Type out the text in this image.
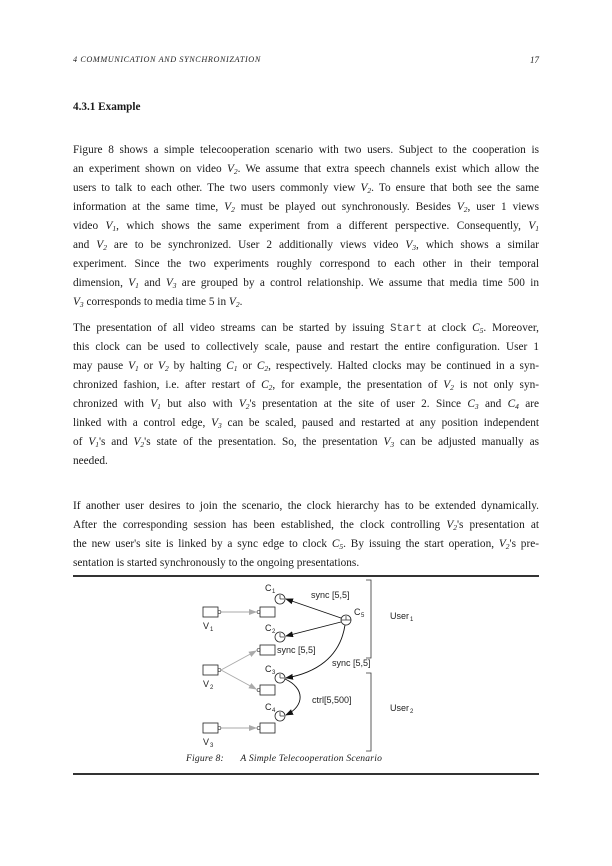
4 COMMUNICATION AND SYNCHRONIZATION	17
4.3.1 Example
Figure 8 shows a simple telecooperation scenario with two users. Subject to the cooperation is
an experiment shown on video $V_2$. We assume that extra speech channels exist which allow the
users to talk to each other. The two users commonly view $V_2$. To ensure that both see the same
information at the same time, $V_2$ must be played out synchronously. Besides $V_2$, user 1 views
video $V_1$, which shows the same experiment from a different perspective. Consequently, $V_1$
and $V_2$ are to be synchronized. User 2 additionally views video $V_3$, which shows a similar
experiment. Since the two experiments roughly correspond to each other in their temporal
dimension, $V_1$ and $V_3$ are grouped by a control relationship. We assume that media time 500 in
$V_3$ corresponds to media time 5 in $V_2$.
The presentation of all video streams can be started by issuing Start at clock $C_5$. Moreover,
this clock can be used to collectively scale, pause and restart the entire configuration. User 1
may pause $V_1$ or $V_2$ by halting $C_1$ or $C_2$, respectively. Halted clocks may be continued in a syn-
chronized fashion, i.e. after restart of $C_2$, for example, the presentation of $V_2$ is not only syn-
chronized with $V_1$ but also with $V_2's$ presentation at the site of user 2. Since $C_3$ and $C_4$ are
linked with a control edge, $V_3$ can be scaled, paused and restarted at any position independent
of $V_1's$ and $V_2's$ state of the presentation. So, the presentation $V_3$ can be adjusted manually as
needed.
If another user desires to join the scenario, the clock hierarchy has to be extended dynamically.
After the corresponding session has been established, the clock controlling $V_2's$ presentation at
the new user's site is linked by a sync edge to clock $C_5$. By issuing the start operation, $V_2's$ pre-
sentation is started synchronously to the ongoing presentations.
V 1
V 2
V 3
C 1
C 2
C 3
C 4
C 5
sync [5,5]
sync [5,5]
sync [5,5]
ctrl[5,500]
User 1
User 2
Figure 8: A Simple Telecooperation Scenario
